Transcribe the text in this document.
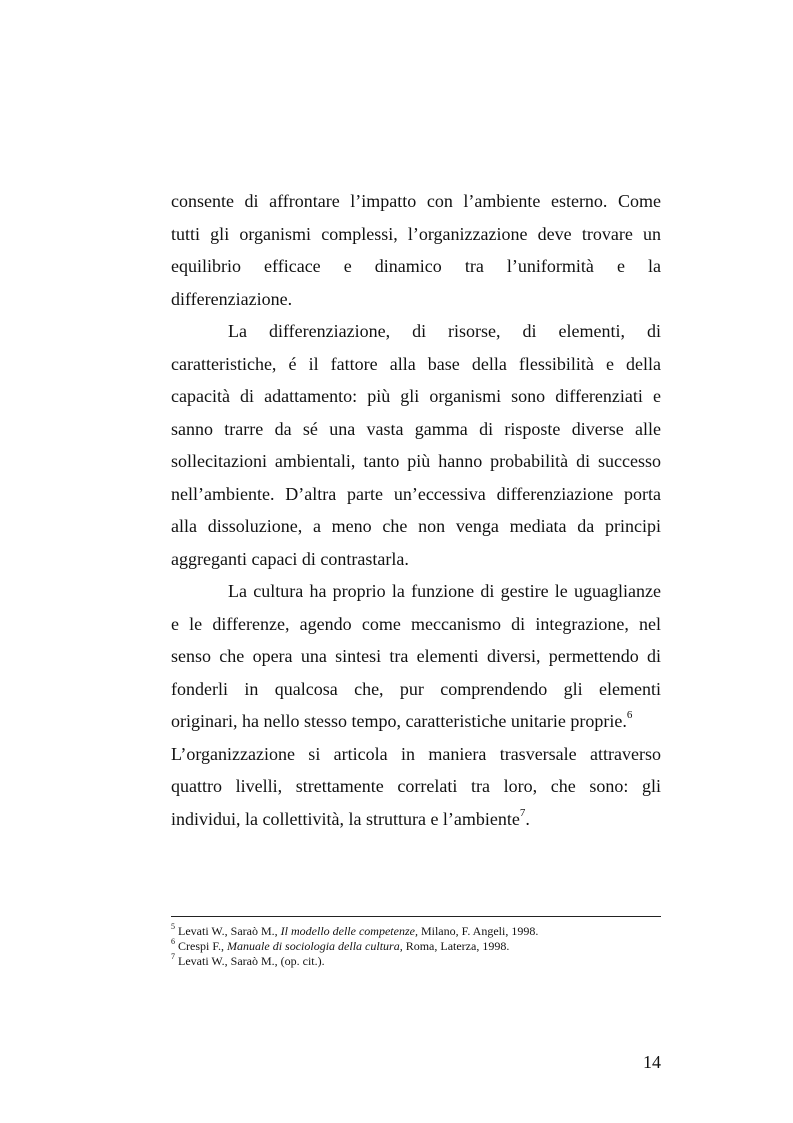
consente di affrontare l’impatto con l’ambiente esterno. Come
tutti gli organismi complessi, l’organizzazione deve trovare un
equilibrio efficace e dinamico tra l’uniformità e la
differenziazione.
La differenziazione, di risorse, di elementi, di
caratteristiche, é il fattore alla base della flessibilità e della
capacità di adattamento: più gli organismi sono differenziati e
sanno trarre da sé una vasta gamma di risposte diverse alle
sollecitazioni ambientali, tanto più hanno probabilità di successo
nell’ambiente. D’altra parte un’eccessiva differenziazione porta
alla dissoluzione, a meno che non venga mediata da principi
aggreganti capaci di contrastarla.
La cultura ha proprio la funzione di gestire le uguaglianze
e le differenze, agendo come meccanismo di integrazione, nel
senso che opera una sintesi tra elementi diversi, permettendo di
fonderli in qualcosa che, pur comprendendo gli elementi
originari, ha nello stesso tempo, caratteristiche unitarie proprie.$^6$
L’organizzazione si articola in maniera trasversale attraverso
quattro livelli, strettamente correlati tra loro, che sono: gli
individui, la collettività, la struttura e l’ambiente$^7$.
$^5$ Levati W., Saraò M., Il modello delle competenze, Milano, F. Angeli, 1998.
$^6$ Crespi F., Manuale di sociologia della cultura, Roma, Laterza, 1998.
$^7$ Levati W., Saraò M., (op. cit.).
14
